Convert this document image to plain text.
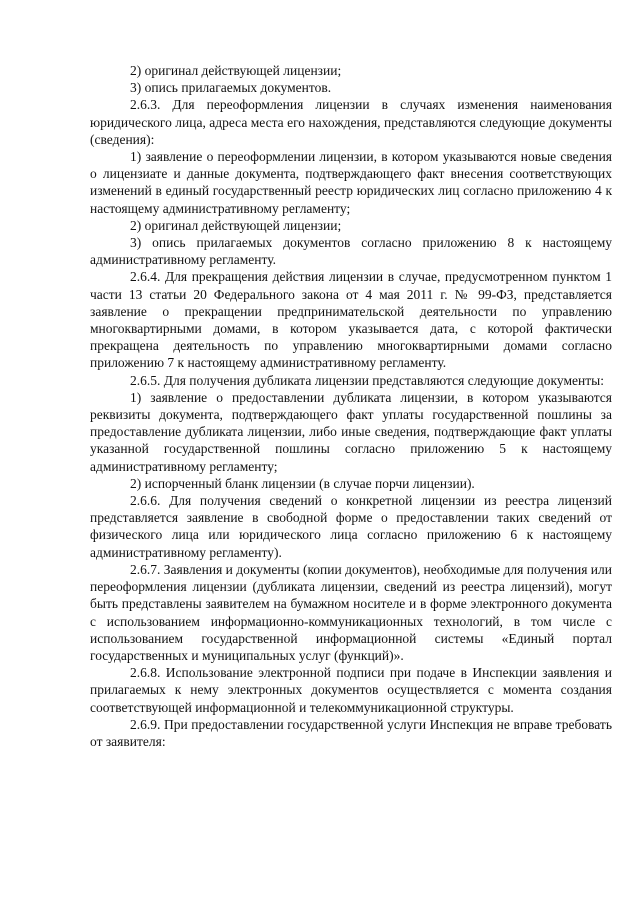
2) оригинал действующей лицензии;

3) опись прилагаемых документов.

2.6.3. Для переоформления лицензии в случаях изменения наименования юридического лица, адреса места его нахождения, представляются следующие документы (сведения):

1) заявление о переоформлении лицензии, в котором указываются новые сведения о лицензиате и данные документа, подтверждающего факт внесения соответствующих изменений в единый государственный реестр юридических лиц согласно приложению 4 к настоящему административному регламенту;

2) оригинал действующей лицензии;

3) опись прилагаемых документов согласно приложению 8 к настоящему административному регламенту.

2.6.4. Для прекращения действия лицензии в случае, предусмотренном пунктом 1 части 13 статьи 20 Федерального закона от 4 мая 2011 г. № 99-ФЗ, представляется заявление о прекращении предпринимательской деятельности по управлению многоквартирными домами, в котором указывается дата, с которой фактически прекращена деятельность по управлению многоквартирными домами согласно приложению 7 к настоящему административному регламенту.

2.6.5. Для получения дубликата лицензии представляются следующие документы:

1) заявление о предоставлении дубликата лицензии, в котором указываются реквизиты документа, подтверждающего факт уплаты государственной пошлины за предоставление дубликата лицензии, либо иные сведения, подтверждающие факт уплаты указанной государственной пошлины согласно приложению 5 к настоящему административному регламенту;

2) испорченный бланк лицензии (в случае порчи лицензии).

2.6.6. Для получения сведений о конкретной лицензии из реестра лицензий представляется заявление в свободной форме о предоставлении таких сведений от физического лица или юридического лица согласно приложению 6 к настоящему административному регламенту).

2.6.7. Заявления и документы (копии документов), необходимые для получения или переоформления лицензии (дубликата лицензии, сведений из реестра лицензий), могут быть представлены заявителем на бумажном носителе и в форме электронного документа с использованием информационно-коммуникационных технологий, в том числе с использованием государственной информационной системы «Единый портал государственных и муниципальных услуг (функций)».

2.6.8. Использование электронной подписи при подаче в Инспекции заявления и прилагаемых к нему электронных документов осуществляется с момента создания соответствующей информационной и телекоммуникационной структуры.

2.6.9. При предоставлении государственной услуги Инспекция не вправе требовать от заявителя:
